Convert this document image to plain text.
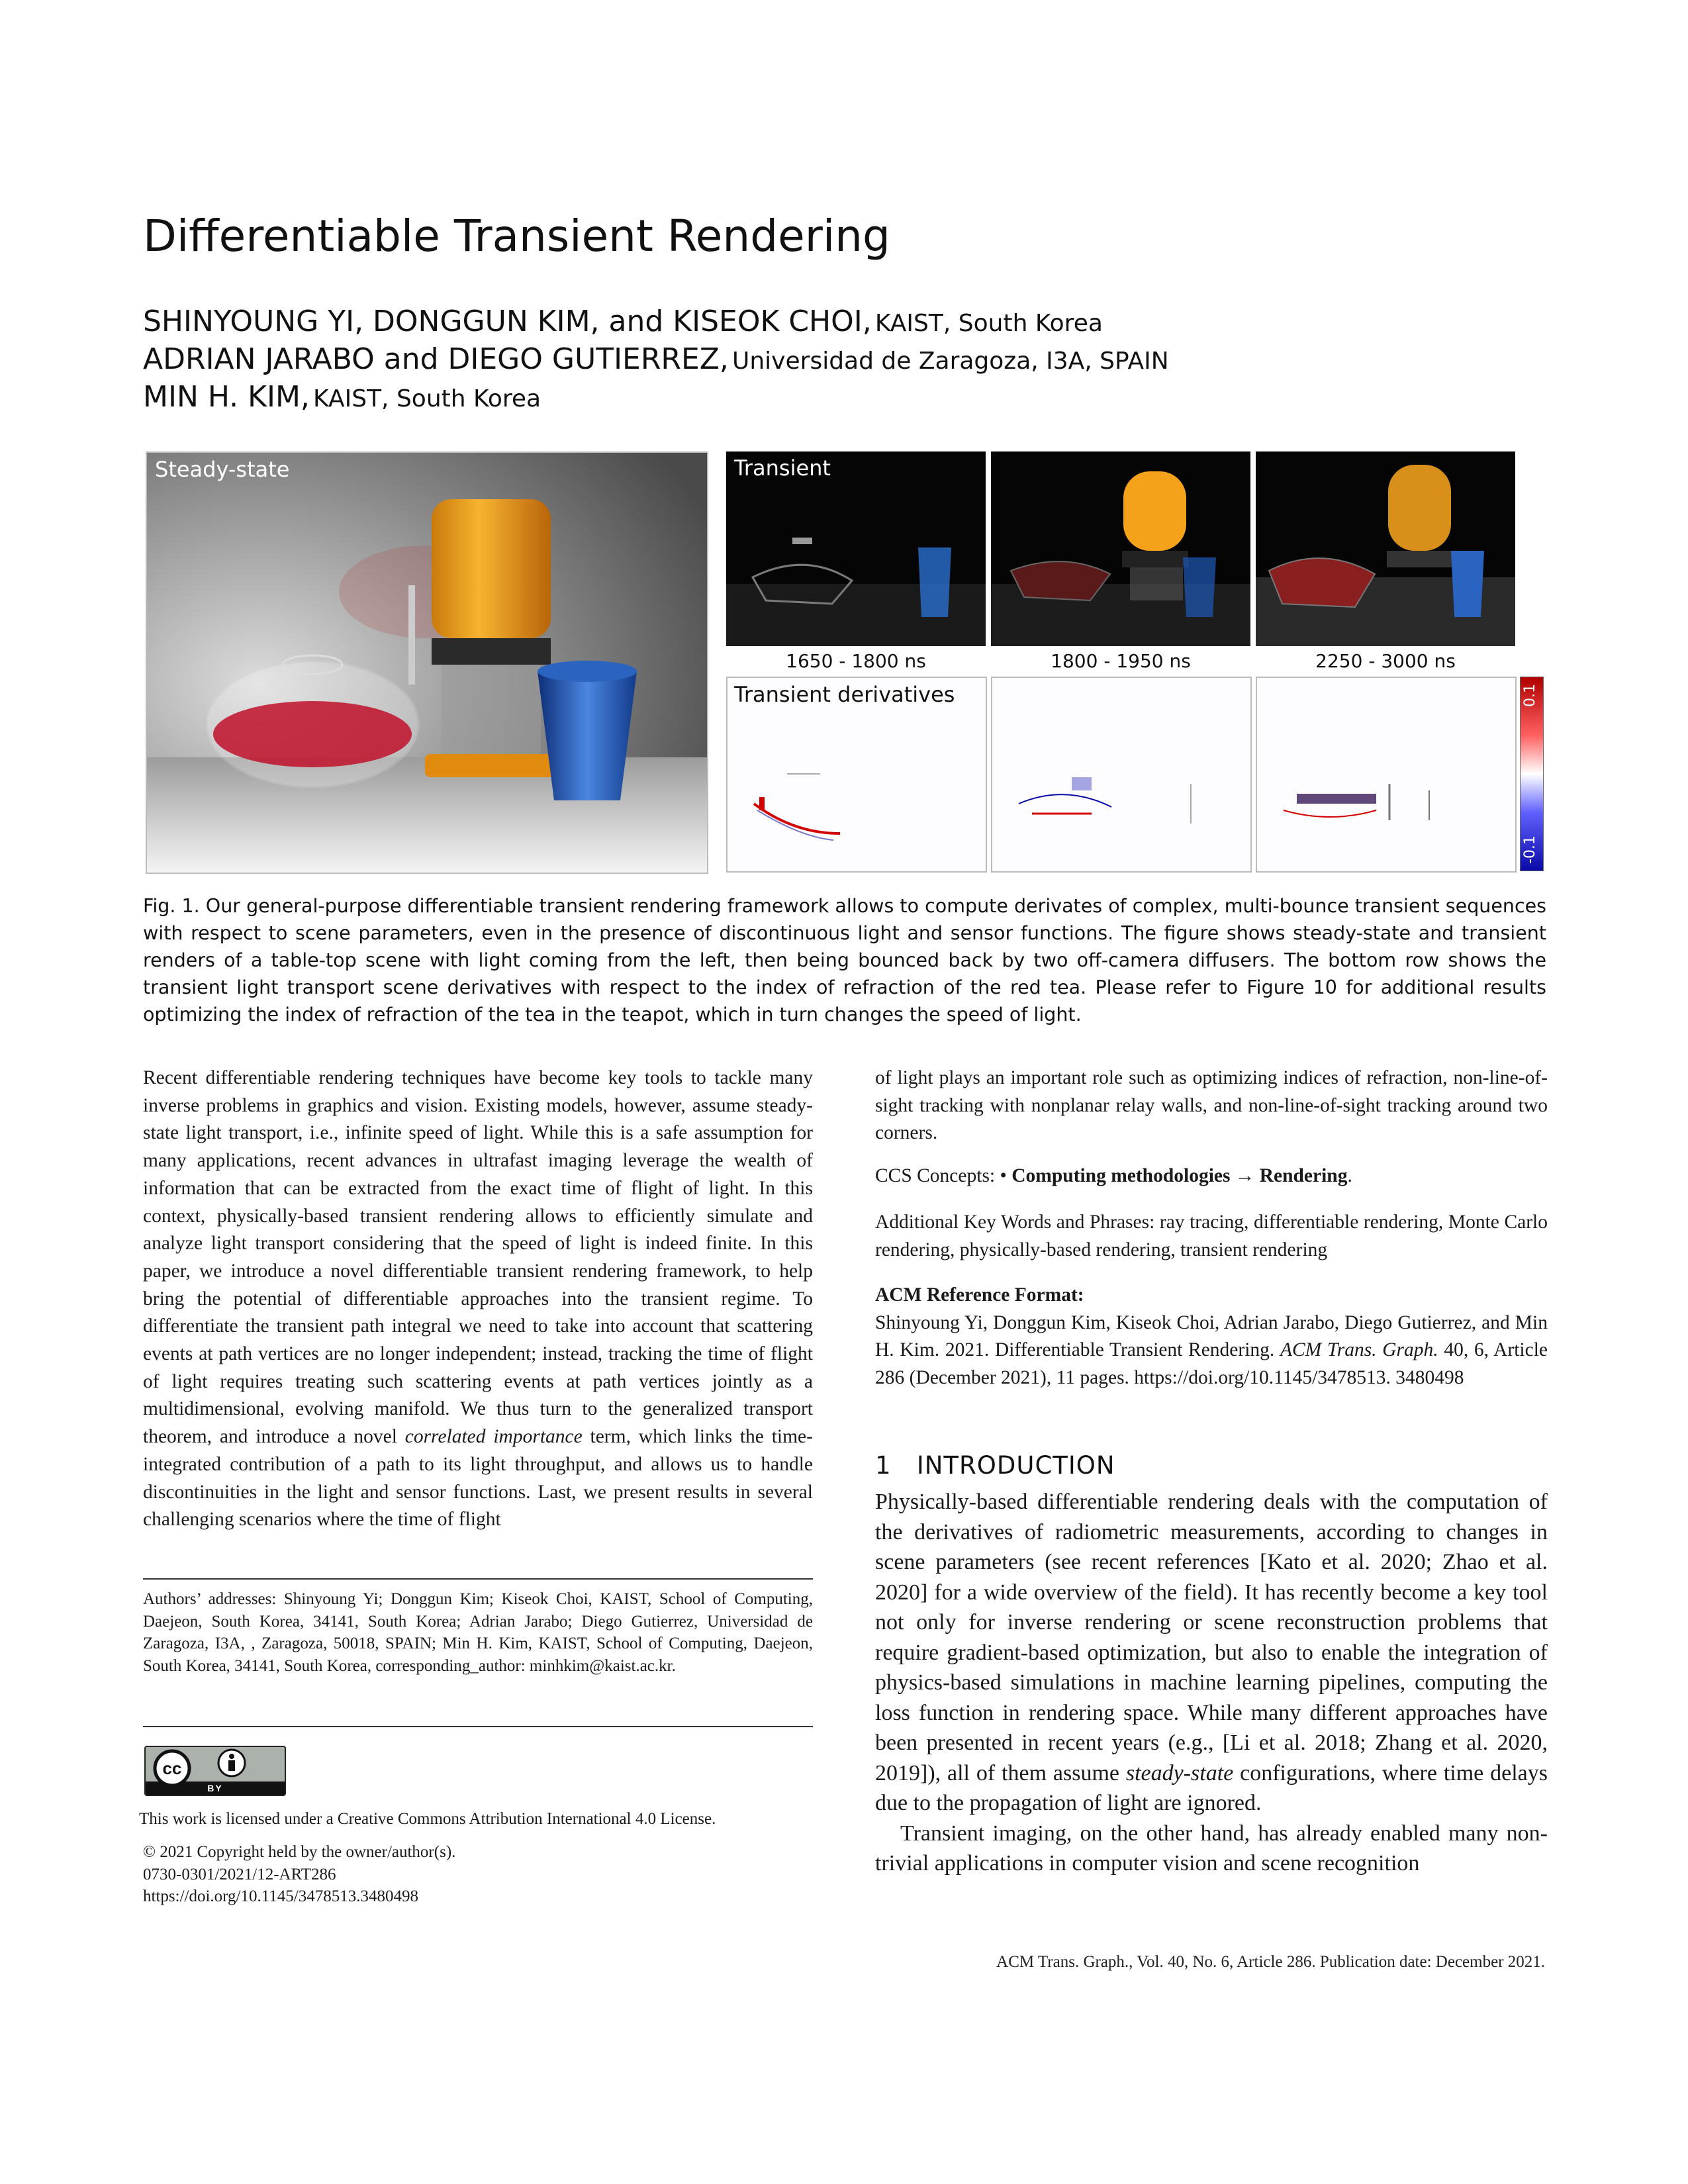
Differentiable Transient Rendering
SHINYOUNG YI, DONGGUN KIM, and KISEOK CHOI, KAIST, South Korea
ADRIAN JARABO and DIEGO GUTIERREZ, Universidad de Zaragoza, I3A, SPAIN
MIN H. KIM, KAIST, South Korea
Steady-state	Transient
1650 - 1800 ns	1800 - 1950 ns	2250 - 3000 ns
Transient derivatives	0.1
-0.1
Fig. 1. Our general-purpose differentiable transient rendering framework allows to compute derivates of complex, multi-bounce transient sequences with respect to scene parameters, even in the presence of discontinuous light and sensor functions. The figure shows steady-state and transient renders of a table-top scene with light coming from the left, then being bounced back by two off-camera diffusers. The bottom row shows the transient light transport scene derivatives with respect to the index of refraction of the red tea. Please refer to Figure 10 for additional results optimizing the index of refraction of the tea in the teapot, which in turn changes the speed of light.

Recent differentiable rendering techniques have become key tools to tackle many inverse problems in graphics and vision. Existing models, however, assume steady-state light transport, i.e., infinite speed of light. While this is a safe assumption for many applications, recent advances in ultrafast imaging leverage the wealth of information that can be extracted from the exact time of flight of light. In this context, physically-based transient rendering allows to efficiently simulate and analyze light transport considering that the speed of light is indeed finite. In this paper, we introduce a novel differentiable transient rendering framework, to help bring the potential of differentiable approaches into the transient regime. To differentiate the transient path integral we need to take into account that scattering events at path vertices are no longer independent; instead, tracking the time of flight of light requires treating such scattering events at path vertices jointly as a multidimensional, evolving manifold. We thus turn to the generalized transport theorem, and introduce a novel correlated importance term, which links the time-integrated contribution of a path to its light throughput, and allows us to handle discontinuities in the light and sensor functions. Last, we present results in several challenging scenarios where the time of flight

Authors’ addresses: Shinyoung Yi; Donggun Kim; Kiseok Choi, KAIST, School of Computing, Daejeon, South Korea, 34141, South Korea; Adrian Jarabo; Diego Gutierrez, Universidad de Zaragoza, I3A, , Zaragoza, 50018, SPAIN; Min H. Kim, KAIST, School of Computing, Daejeon, South Korea, 34141, South Korea, corresponding_author: minhkim@kaist.ac.kr.
cc
BY
This work is licensed under a Creative Commons Attribution International 4.0 License.
© 2021 Copyright held by the owner/author(s).
0730-0301/2021/12-ART286
https://doi.org/10.1145/3478513.3480498

of light plays an important role such as optimizing indices of refraction, non-line-of-sight tracking with nonplanar relay walls, and non-line-of-sight tracking around two corners.

CCS Concepts: • Computing methodologies → Rendering.
Additional Key Words and Phrases: ray tracing, differentiable rendering, Monte Carlo rendering, physically-based rendering, transient rendering
ACM Reference Format:
Shinyoung Yi, Donggun Kim, Kiseok Choi, Adrian Jarabo, Diego Gutierrez, and Min H. Kim. 2021. Differentiable Transient Rendering. ACM Trans. Graph. 40, 6, Article 286 (December 2021), 11 pages. https://doi.org/10.1145/3478513. 3480498
1 INTRODUCTION

Physically-based differentiable rendering deals with the computation of the derivatives of radiometric measurements, according to changes in scene parameters (see recent references [Kato et al. 2020; Zhao et al. 2020] for a wide overview of the field). It has recently become a key tool not only for inverse rendering or scene reconstruction problems that require gradient-based optimization, but also to enable the integration of physics-based simulations in machine learning pipelines, computing the loss function in rendering space. While many different approaches have been presented in recent years (e.g., [Li et al. 2018; Zhang et al. 2020, 2019]), all of them assume steady-state configurations, where time delays due to the propagation of light are ignored.

Transient imaging, on the other hand, has already enabled many non-trivial applications in computer vision and scene recognition

ACM Trans. Graph., Vol. 40, No. 6, Article 286. Publication date: December 2021.
